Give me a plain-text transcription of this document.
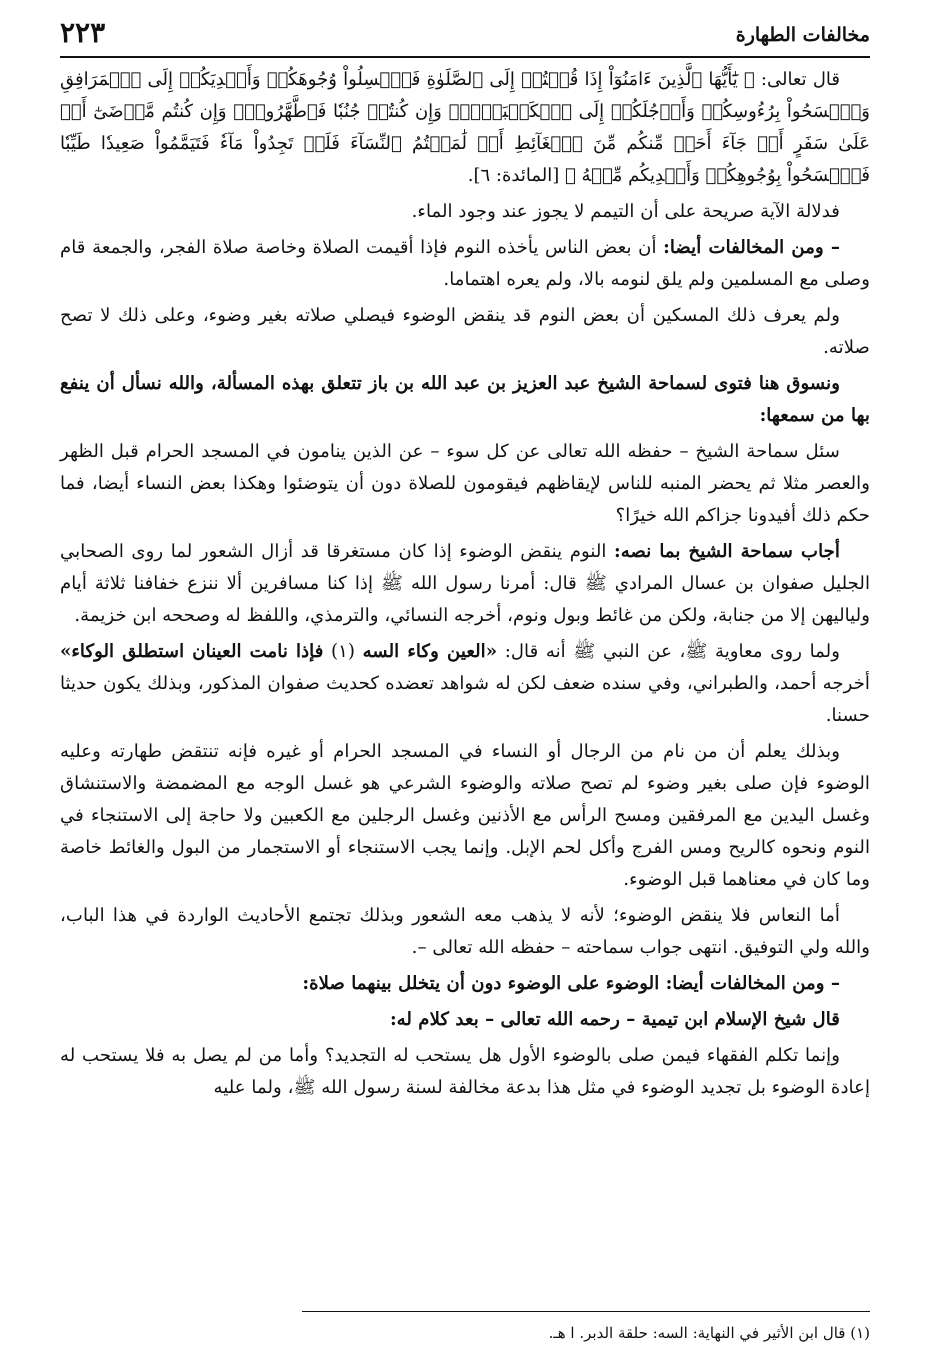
مخالفات الطهارة
٢٢٣

قال تعالى: ﴿ يَٰٓأَيُّهَا ٱلَّذِينَ ءَامَنُوٓاْ إِذَا قُمۡتُمۡ إِلَى ٱلصَّلَوٰةِ فَٱغۡسِلُواْ وُجُوهَكُمۡ وَأَيۡدِيَكُمۡ إِلَى ٱلۡمَرَافِقِ وَٱمۡسَحُواْ بِرُءُوسِكُمۡ وَأَرۡجُلَكُمۡ إِلَى ٱلۡكَعۡبَيۡنِۚ وَإِن كُنتُمۡ جُنُبٗا فَٱطَّهَّرُواْۚ وَإِن كُنتُم مَّرۡضَىٰٓ أَوۡ عَلَىٰ سَفَرٍ أَوۡ جَآءَ أَحَدٞ مِّنكُم مِّنَ ٱلۡغَآئِطِ أَوۡ لَٰمَسۡتُمُ ٱلنِّسَآءَ فَلَمۡ تَجِدُواْ مَآءٗ فَتَيَمَّمُواْ صَعِيدٗا طَيِّبٗا فَٱمۡسَحُواْ بِوُجُوهِكُمۡ وَأَيۡدِيكُم مِّنۡهُ ﴾ [المائدة: ٦].

فدلالة الآية صريحة على أن التيمم لا يجوز عند وجود الماء.

– ومن المخالفات أيضا: أن بعض الناس يأخذه النوم فإذا أقيمت الصلاة وخاصة صلاة الفجر، والجمعة قام وصلى مع المسلمين ولم يلق لنومه بالا، ولم يعره اهتماما.

ولم يعرف ذلك المسكين أن بعض النوم قد ينقض الوضوء فيصلي صلاته بغير وضوء، وعلى ذلك لا تصح صلاته.

ونسوق هنا فتوى لسماحة الشيخ عبد العزيز بن عبد الله بن باز تتعلق بهذه المسألة، والله نسأل أن ينفع بها من سمعها:

سئل سماحة الشيخ – حفظه الله تعالى عن كل سوء – عن الذين ينامون في المسجد الحرام قبل الظهر والعصر مثلا ثم يحضر المنبه للناس لإيقاظهم فيقومون للصلاة دون أن يتوضئوا وهكذا بعض النساء أيضا، فما حكم ذلك أفيدونا جزاكم الله خيرًا؟

أجاب سماحة الشيخ بما نصه: النوم ينقض الوضوء إذا كان مستغرقا قد أزال الشعور لما روى الصحابي الجليل صفوان بن عسال المرادي ﷺ قال: أمرنا رسول الله ﷺ إذا كنا مسافرين ألا ننزع خفافنا ثلاثة أيام ولياليهن إلا من جنابة، ولكن من غائط وبول ونوم، أخرجه النسائي، والترمذي، واللفظ له وصححه ابن خزيمة.

ولما روى معاوية ﷺ، عن النبي ﷺ أنه قال: «العين وكاء السه (١) فإذا نامت العينان استطلق الوكاء» أخرجه أحمد، والطبراني، وفي سنده ضعف لكن له شواهد تعضده كحديث صفوان المذكور، وبذلك يكون حديثا حسنا.

وبذلك يعلم أن من نام من الرجال أو النساء في المسجد الحرام أو غيره فإنه تنتقض طهارته وعليه الوضوء فإن صلى بغير وضوء لم تصح صلاته والوضوء الشرعي هو غسل الوجه مع المضمضة والاستنشاق وغسل اليدين مع المرفقين ومسح الرأس مع الأذنين وغسل الرجلين مع الكعبين ولا حاجة إلى الاستنجاء في النوم ونحوه كالريح ومس الفرج وأكل لحم الإبل. وإنما يجب الاستنجاء أو الاستجمار من البول والغائط خاصة وما كان في معناهما قبل الوضوء.

أما النعاس فلا ينقض الوضوء؛ لأنه لا يذهب معه الشعور وبذلك تجتمع الأحاديث الواردة في هذا الباب، والله ولي التوفيق. انتهى جواب سماحته – حفظه الله تعالى –.

– ومن المخالفات أيضا: الوضوء على الوضوء دون أن يتخلل بينهما صلاة:

قال شيخ الإسلام ابن تيمية – رحمه الله تعالى – بعد كلام له:

وإنما تكلم الفقهاء فيمن صلى بالوضوء الأول هل يستحب له التجديد؟ وأما من لم يصل به فلا يستحب له إعادة الوضوء بل تجديد الوضوء في مثل هذا بدعة مخالفة لسنة رسول الله ﷺ، ولما عليه

(١) قال ابن الأثير في النهاية: السه: حلقة الدبر. ا هـ.
